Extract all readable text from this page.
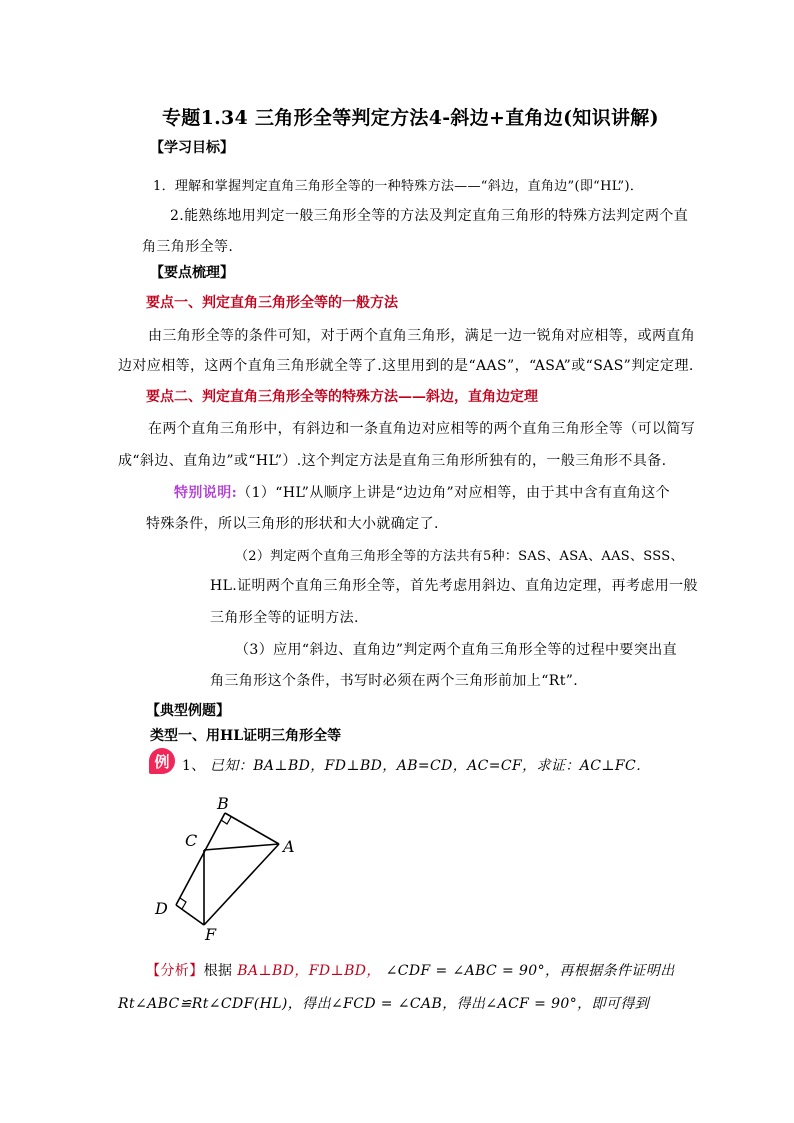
专题1.34 三角形全等判定方法4-斜边+直角边(知识讲解)
【学习目标】
1．理解和掌握判定直角三角形全等的一种特殊方法——“斜边，直角边”(即“HL”)．
2.能熟练地用判定一般三角形全等的方法及判定直角三角形的特殊方法判定两个直
角三角形全等.
【要点梳理】
要点一、判定直角三角形全等的一般方法
由三角形全等的条件可知，对于两个直角三角形，满足一边一锐角对应相等，或两直角
边对应相等，这两个直角三角形就全等了.这里用到的是“AAS”，“ASA”或“SAS”判定定理.
要点二、判定直角三角形全等的特殊方法——斜边，直角边定理
在两个直角三角形中，有斜边和一条直角边对应相等的两个直角三角形全等（可以简写
成“斜边、直角边”或“HL”）.这个判定方法是直角三角形所独有的，一般三角形不具备.
特别说明:（1）“HL”从顺序上讲是“边边角”对应相等，由于其中含有直角这个
特殊条件，所以三角形的形状和大小就确定了.
（2）判定两个直角三角形全等的方法共有5种：SAS、ASA、AAS、SSS、
HL.证明两个直角三角形全等，首先考虑用斜边、直角边定理，再考虑用一般
三角形全等的证明方法.
（3）应用“斜边、直角边”判定两个直角三角形全等的过程中要突出直
角三角形这个条件，书写时必须在两个三角形前加上“Rt”.
【典型例题】
类型一、用HL证明三角形全等
例 1、 已知：BA⊥BD，FD⊥BD，AB=CD，AC=CF，求证：AC⊥FC．
B
C	A
D
F
【分析】根据 BA⊥BD，FD⊥BD， ∠CDF = ∠ABC = 90°，再根据条件证明出
Rt∠ABC≌Rt∠CDF(HL)，得出∠FCD = ∠CAB，得出∠ACF = 90°，即可得到
